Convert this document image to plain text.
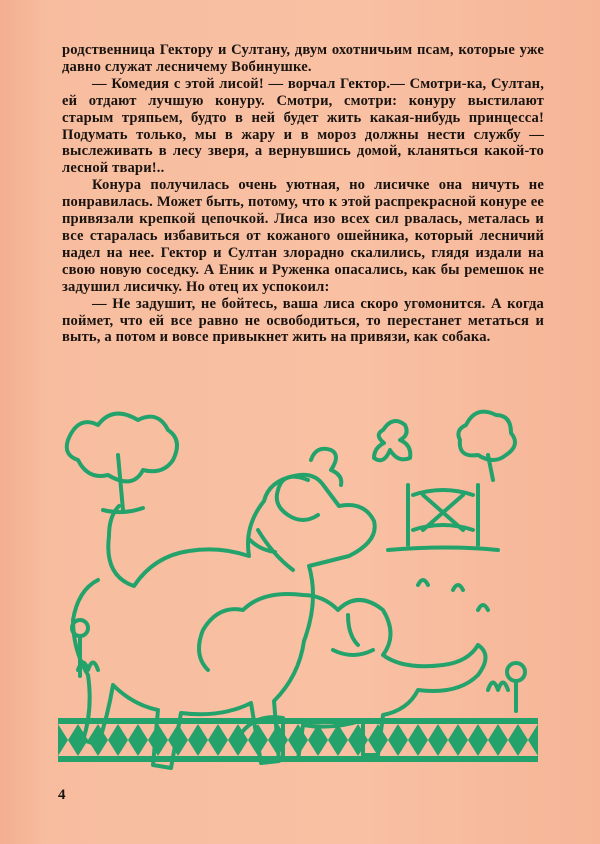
родственница Гектору и Султану, двум охотничьим псам, которые уже давно служат лесничему Вобинушке.

— Комедия с этой лисой! — ворчал Гектор.— Смотри-ка, Султан, ей отдают лучшую конуру. Смотри, смотри: конуру выстилают старым тряпьем, будто в ней будет жить какая-нибудь принцесса! Подумать только, мы в жару и в мороз должны нести службу — выслеживать в лесу зверя, а вернувшись домой, кланяться какой-то лесной твари!..

Конура получилась очень уютная, но лисичке она ничуть не понравилась. Может быть, потому, что к этой распрекрасной конуре ее привязали крепкой цепочкой. Лиса изо всех сил рвалась, металась и все старалась избавиться от кожаного ошейника, который лесничий надел на нее. Гектор и Султан злорадно скалились, глядя издали на свою новую соседку. А Еник и Руженка опасались, как бы ремешок не задушил лисичку. Но отец их успокоил:

— Не задушит, не бойтесь, ваша лиса скоро угомонится. А когда поймет, что ей все равно не освободиться, то перестанет метаться и выть, а потом и вовсе привыкнет жить на привязи, как собака.

4
